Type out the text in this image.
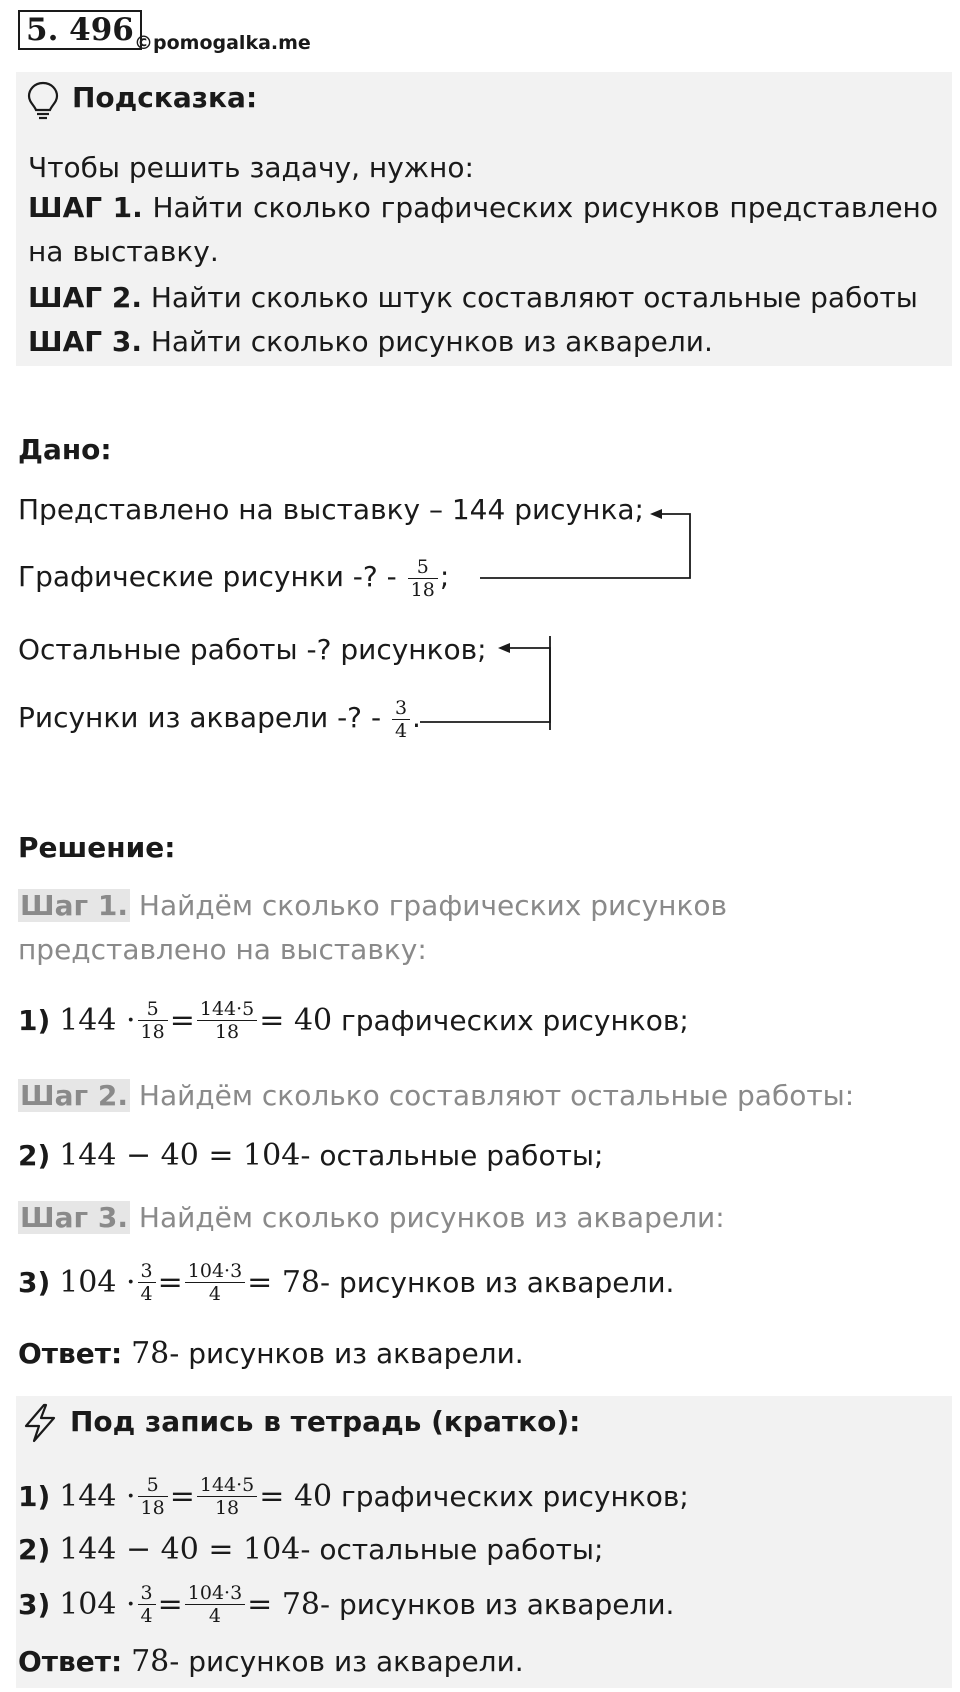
5. 496 ©pomogalka.me
Подсказка:
Чтобы решить задачу, нужно:
ШАГ 1. Найти сколько графических рисунков представлено на выставку.
ШАГ 2. Найти сколько штук составляют остальные работы
ШАГ 3. Найти сколько рисунков из акварели.
Дано:
Представлено на выставку – 144 рисунка;
Графические рисунки -? - $\frac{5}{18}$ ;
Остальные работы -? рисунков;
Рисунки из акварели -? - $\frac{3}{4}$ .
Решение:
Шаг 1. Найдём сколько графических рисунков представлено на выставку:
1)
$144 \cdot \frac{5}{18} = \frac{144\cdot 5}{18} = 40$ графических рисунков;
Шаг 2. Найдём сколько составляют остальные работы:
2)
144 − 40 = 104 - остальные работы;
Шаг 3. Найдём сколько рисунков из акварели:
3)
$104 \cdot \frac{3}{4} = \frac{104\cdot 3}{4} = 78$ - рисунков из акварели.
Ответ: 78- рисунков из акварели.
Под запись в тетрадь (кратко):
1)
$144 \cdot \frac{5}{18} = \frac{144\cdot 5}{18} = 40$ графических рисунков;
2)
144 − 40 = 104 - остальные работы;
3)
$104 \cdot \frac{3}{4} = \frac{104\cdot 3}{4} = 78$ - рисунков из акварели.
Ответ: 78- рисунков из акварели.
